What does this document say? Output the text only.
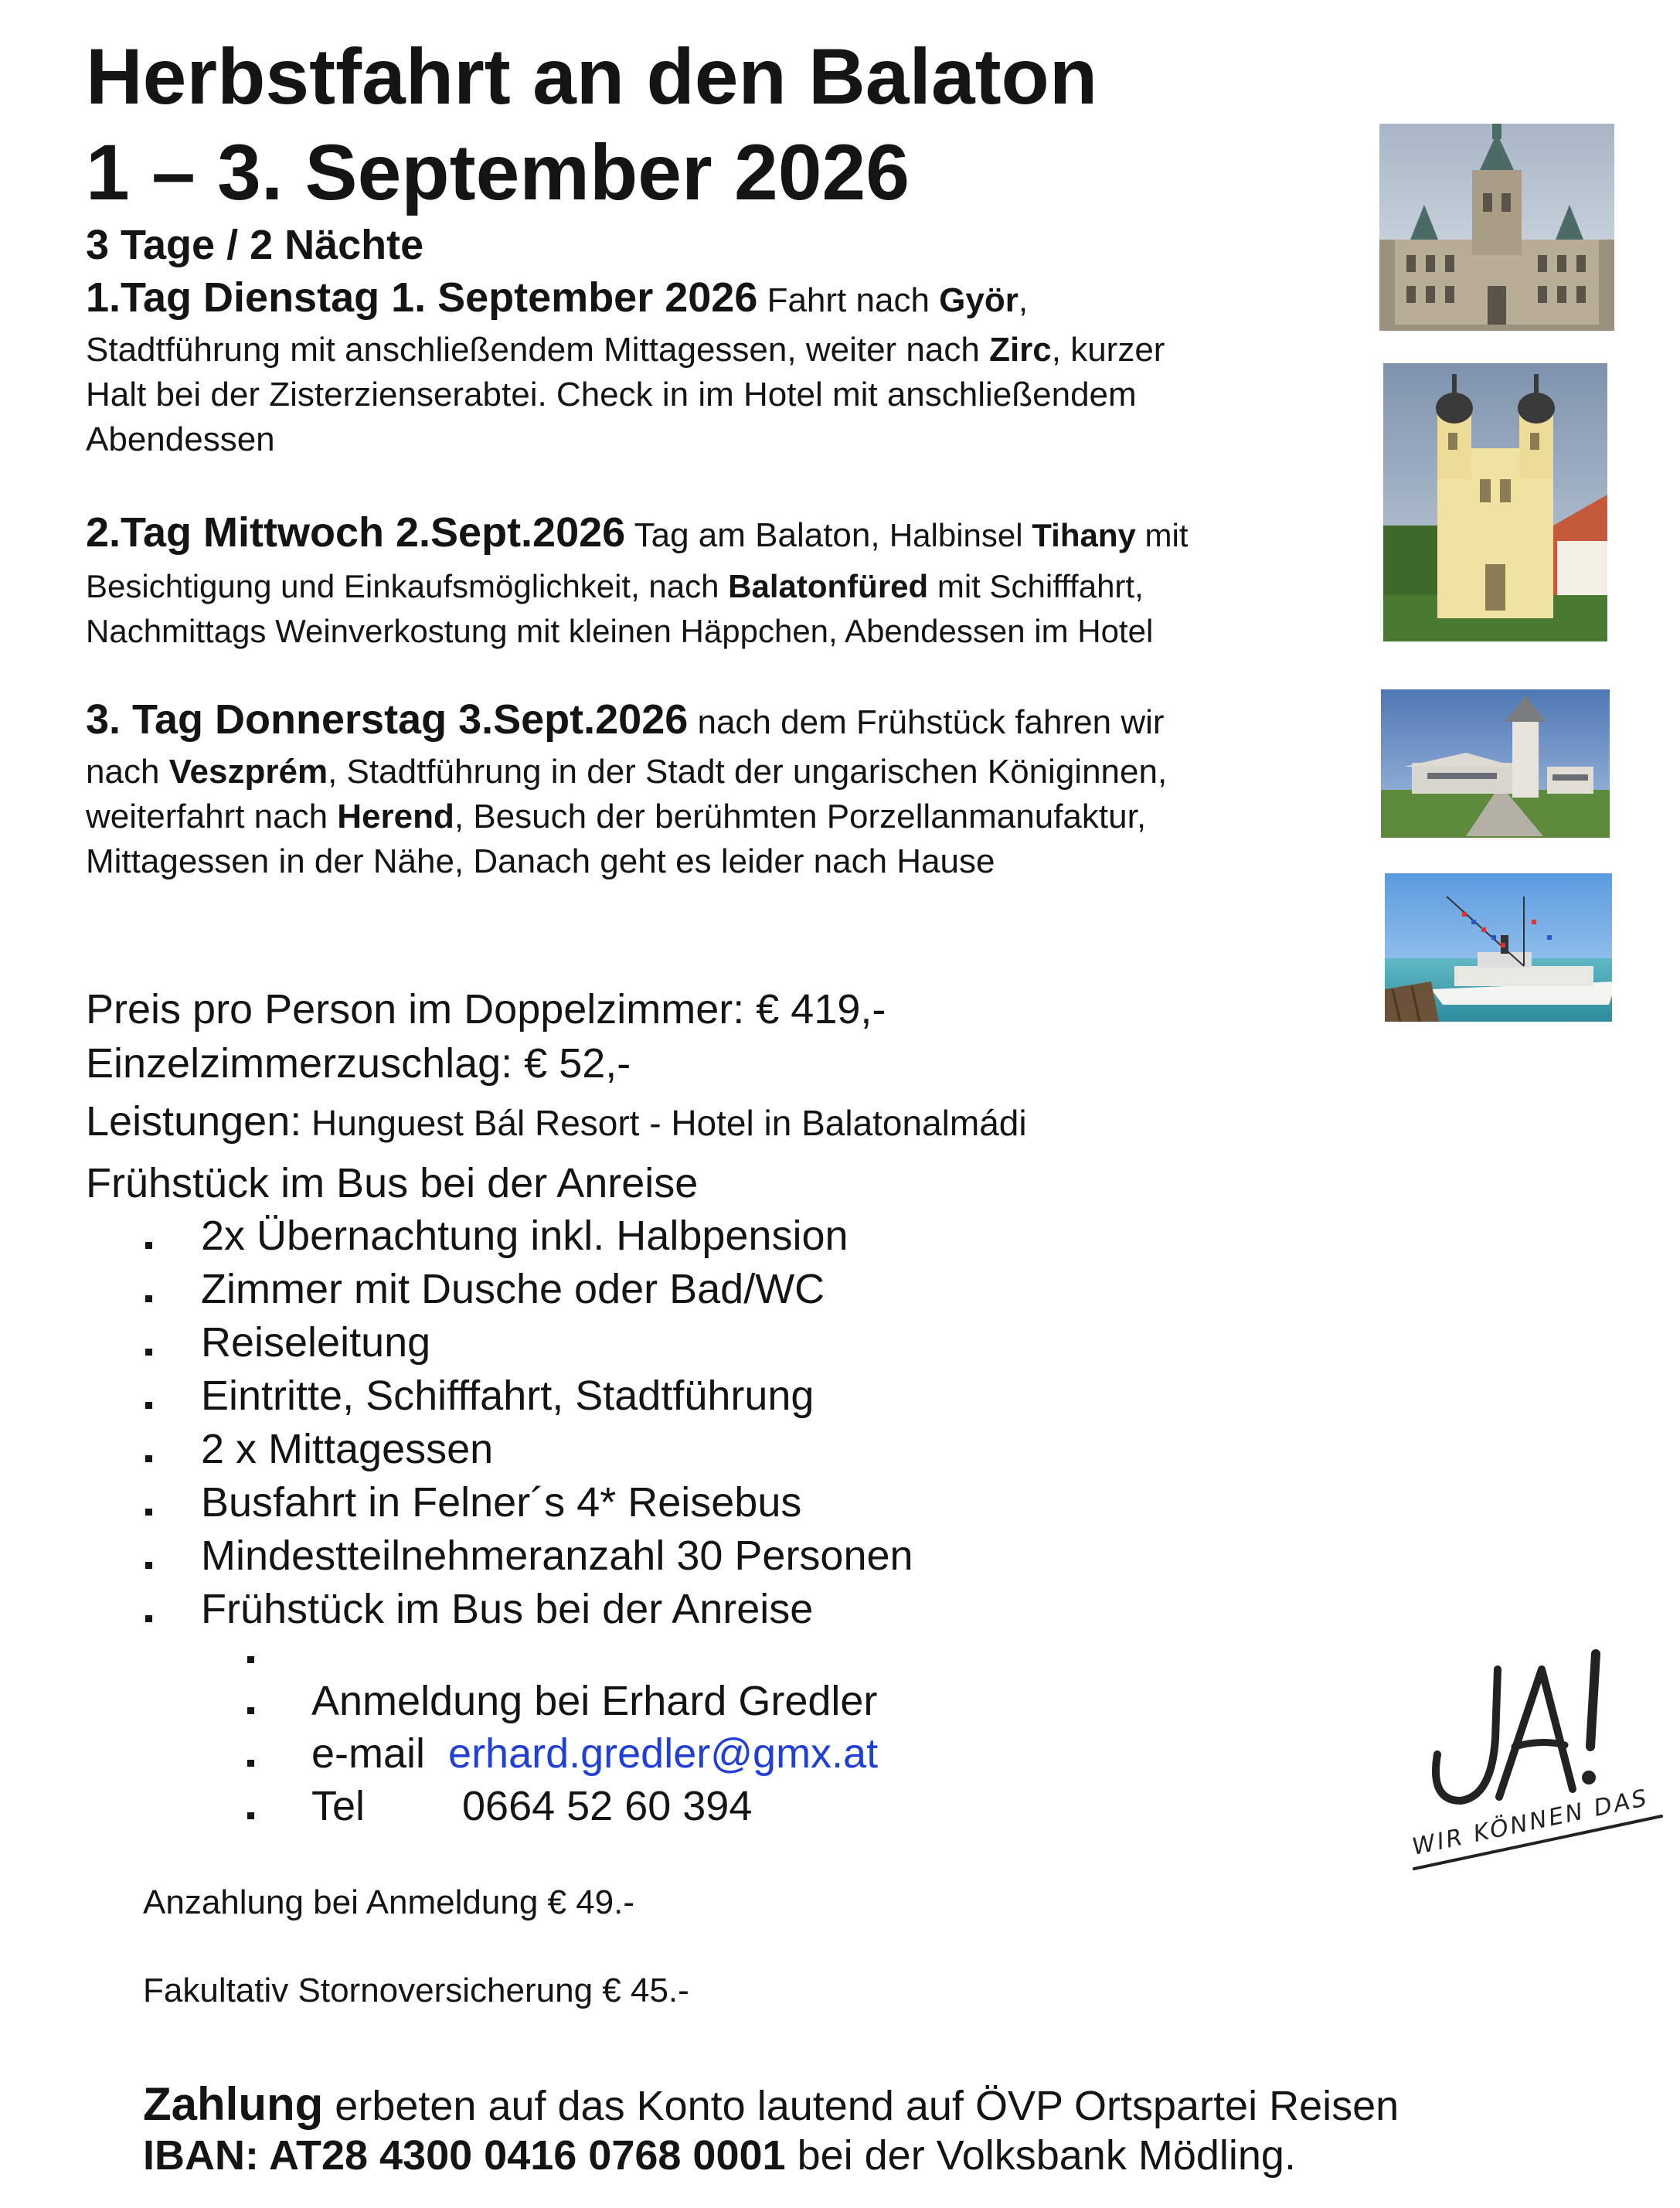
Herbstfahrt an den Balaton
1 – 3. September 2026
3 Tage / 2 Nächte
1.Tag Dienstag 1. September 2026 Fahrt nach Györ,
Stadtführung mit anschließendem Mittagessen, weiter nach Zirc, kurzer
Halt bei der Zisterzienserabtei. Check in im Hotel mit anschließendem
Abendessen
2.Tag Mittwoch 2.Sept.2026 Tag am Balaton, Halbinsel Tihany mit
Besichtigung und Einkaufsmöglichkeit, nach Balatonfüred mit Schifffahrt,
Nachmittags Weinverkostung mit kleinen Häppchen, Abendessen im Hotel
3. Tag Donnerstag 3.Sept.2026 nach dem Frühstück fahren wir
nach Veszprém, Stadtführung in der Stadt der ungarischen Königinnen,
weiterfahrt nach Herend, Besuch der berühmten Porzellanmanufaktur,
Mittagessen in der Nähe, Danach geht es leider nach Hause
Preis pro Person im Doppelzimmer: € 419,-
Einzelzimmerzuschlag: € 52,-
Leistungen: Hunguest Bál Resort - Hotel in Balatonalmádi
Frühstück im Bus bei der Anreise
2x Übernachtung inkl. Halbpension
Zimmer mit Dusche oder Bad/WC
Reiseleitung
Eintritte, Schifffahrt, Stadtführung
2 x Mittagessen
Busfahrt in Felner´s 4* Reisebus
Mindestteilnehmeranzahl 30 Personen
Frühstück im Bus bei der Anreise
Anmeldung bei Erhard Gredler
e-mail erhard.gredler@gmx.at
Tel 0664 52 60 394
Anzahlung bei Anmeldung € 49.-
Fakultativ Stornoversicherung € 45.-
Zahlung erbeten auf das Konto lautend auf ÖVP Ortspartei Reisen
IBAN: AT28 4300 0416 0768 0001 bei der Volksbank Mödling.
WIR KÖNNEN DAS
